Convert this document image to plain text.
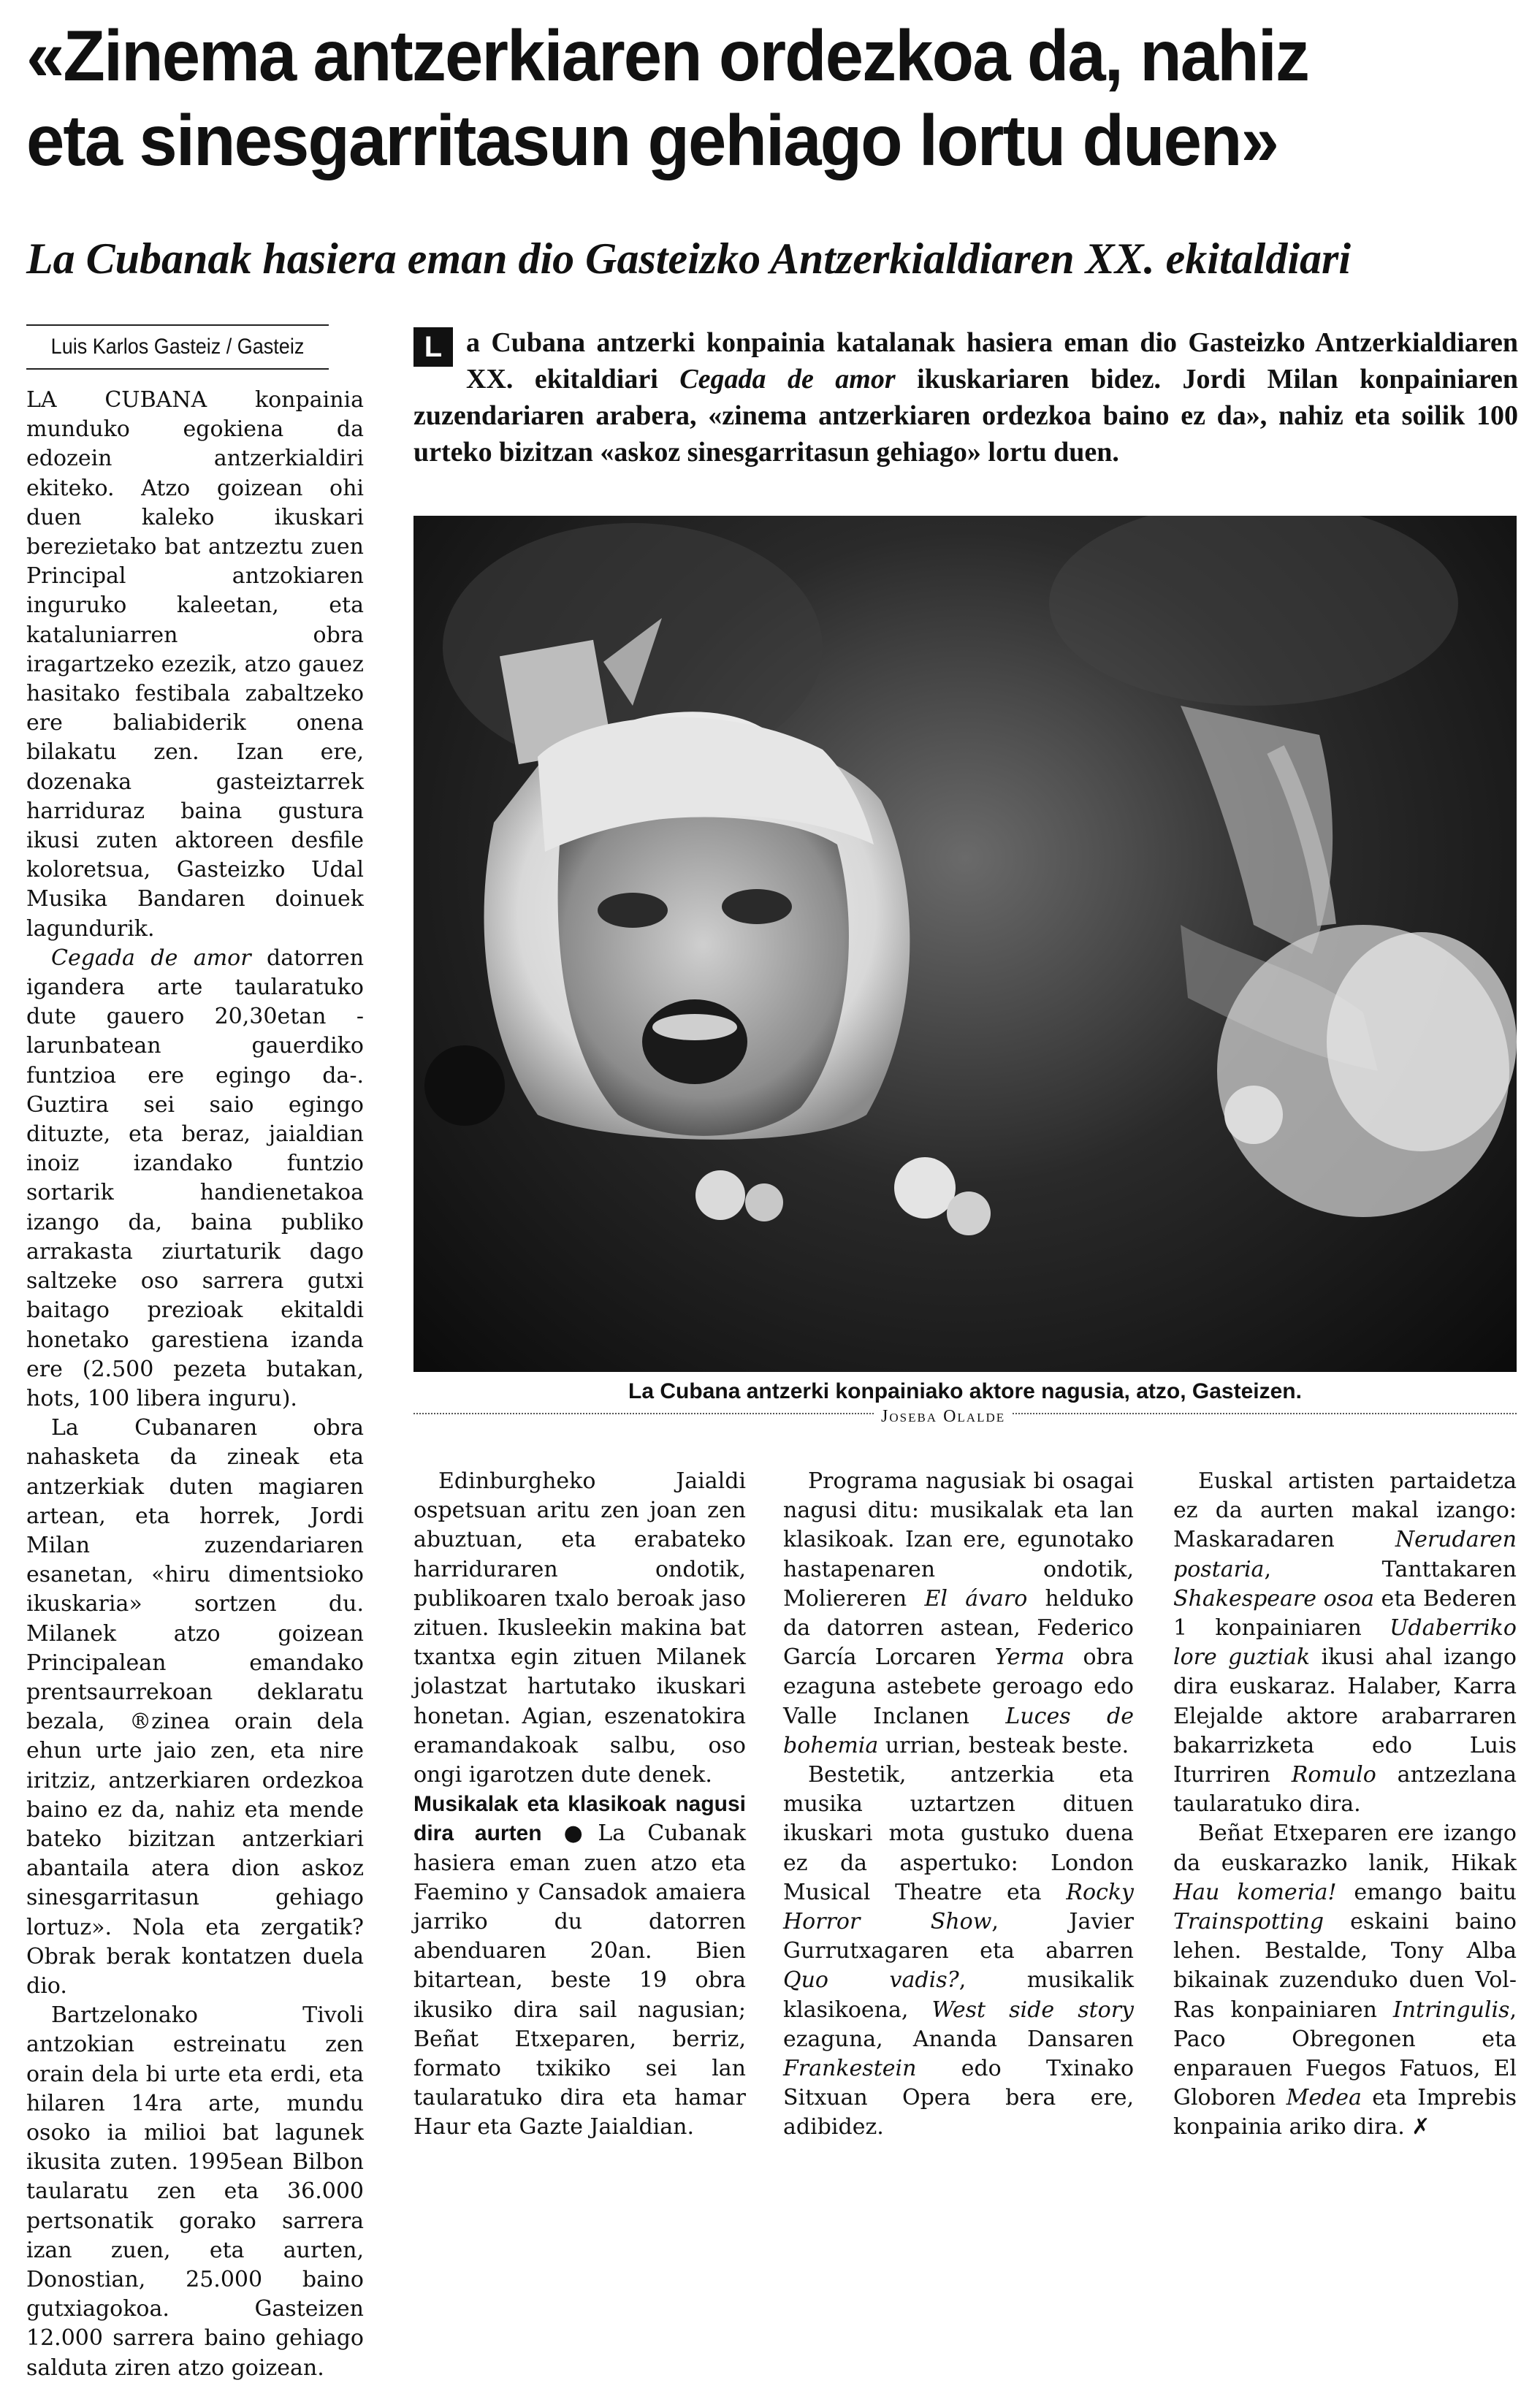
«Zinema antzerkiaren ordezkoa da, nahiz
eta sinesgarritasun gehiago lortu duen»
La Cubanak hasiera eman dio Gasteizko Antzerkialdiaren XX. ekitaldiari
Luis Karlos Gasteiz / Gasteiz	L a Cubana antzerki konpainia katalanak hasiera eman dio Gasteizko Antzerkialdiaren XX. ekitaldiari Cegada de amor ikuskariaren bidez. Jordi Milan konpainiaren zuzendariaren arabera, «zinema antzerkiaren ordezkoa baino ez da», nahiz eta soilik 100 urteko bizitzan «askoz sinesgarritasun gehiago» lortu duen.
La Cubana antzerki konpainiako aktore nagusia, atzo, Gasteizen.
Joseba Olalde

LA CUBANA konpainia munduko egokiena da edozein antzerkialdiri ekiteko. Atzo goizean ohi duen kaleko ikuskari berezietako bat antzeztu zuen Principal antzokiaren inguruko kaleetan, eta kataluniarren obra iragartzeko ezezik, atzo gauez hasitako festibala zabaltzeko ere baliabiderik onena bilakatu zen. Izan ere, dozenaka gasteiztarrek harriduraz baina gustura ikusi zuten aktoreen desfile koloretsua, Gasteizko Udal Musika Bandaren doinuek lagundurik.

Cegada de amor datorren igandera arte taularatuko dute gauero 20,30etan -larunbatean gauerdiko funtzioa ere egingo da-. Guztira sei saio egingo dituzte, eta beraz, jaialdian inoiz izandako funtzio sortarik handienetakoa izango da, baina publiko arrakasta ziurtaturik dago saltzeke oso sarrera gutxi baitago prezioak ekitaldi honetako garestiena izanda ere (2.500 pezeta butakan, hots, 100 libera inguru).

La Cubanaren obra nahasketa da zineak eta antzerkiak duten magiaren artean, eta horrek, Jordi Milan zuzendariaren esanetan, «hiru dimentsioko ikuskaria» sortzen du. Milanek atzo goizean Principalean emandako prentsaurrekoan deklaratu bezala, ®zinea orain dela ehun urte jaio zen, eta nire iritziz, antzerkiaren ordezkoa baino ez da, nahiz eta mende bateko bizitzan antzerkiari abantaila atera dion askoz sinesgarritasun gehiago lortuz». Nola eta zergatik? Obrak berak kontatzen duela dio.

Bartzelonako Tivoli antzokian estreinatu zen orain dela bi urte eta erdi, eta hilaren 14ra arte, mundu osoko ia milioi bat lagunek ikusita zuten. 1995ean Bilbon taularatu zen eta 36.000 pertsonatik gorako sarrera izan zuen, eta aurten, Donostian, 25.000 baino gutxiagokoa. Gasteizen 12.000 sarrera baino gehiago salduta ziren atzo goizean.

Edinburgheko Jaialdi ospetsuan aritu zen joan zen abuztuan, eta erabateko harriduraren ondotik, publikoaren txalo beroak jaso zituen. Ikusleekin makina bat txantxa egin zituen Milanek jolastzat hartutako ikuskari honetan. Agian, eszenatokira eramandakoak salbu, oso ongi igarotzen dute denek.

Musikalak eta klasikoak nagusi dira aurten ●La Cubanak hasiera eman zuen atzo eta Faemino y Cansadok amaiera jarriko du datorren abenduaren 20an. Bien bitartean, beste 19 obra ikusiko dira sail nagusian; Beñat Etxeparen, berriz, formato txikiko sei lan taularatuko dira eta hamar Haur eta Gazte Jaialdian.

Programa nagusiak bi osagai nagusi ditu: musikalak eta lan klasikoak. Izan ere, egunotako hastapenaren ondotik, Moliereren El ávaro helduko da datorren astean, Federico García Lorcaren Yerma obra ezaguna astebete geroago edo Valle Inclanen Luces de bohemia urrian, besteak beste.

Bestetik, antzerkia eta musika uztartzen dituen ikuskari mota gustuko duena ez da aspertuko: London Musical Theatre eta Rocky Horror Show, Javier Gurrutxagaren eta abarren Quo vadis?, musikalik klasikoena, West side story ezaguna, Ananda Dansaren Frankestein edo Txinako Sitxuan Opera bera ere, adibidez.

Euskal artisten partaidetza ez da aurten makal izango: Maskaradaren Nerudaren postaria, Tanttakaren Shakespeare osoa eta Bederen 1 konpainiaren Udaberriko lore guztiak ikusi ahal izango dira euskaraz. Halaber, Karra Elejalde aktore arabarraren bakarrizketa edo Luis Iturriren Romulo antzezlana taularatuko dira.

Beñat Etxeparen ere izango da euskarazko lanik, Hikak Hau komeria! emango baitu Trainspotting eskaini baino lehen. Bestalde, Tony Alba bikainak zuzenduko duen Vol-Ras konpainiaren Intringulis, Paco Obregonen eta enparauen Fuegos Fatuos, El Globoren Medea eta Imprebis konpainia ariko dira. ✗
